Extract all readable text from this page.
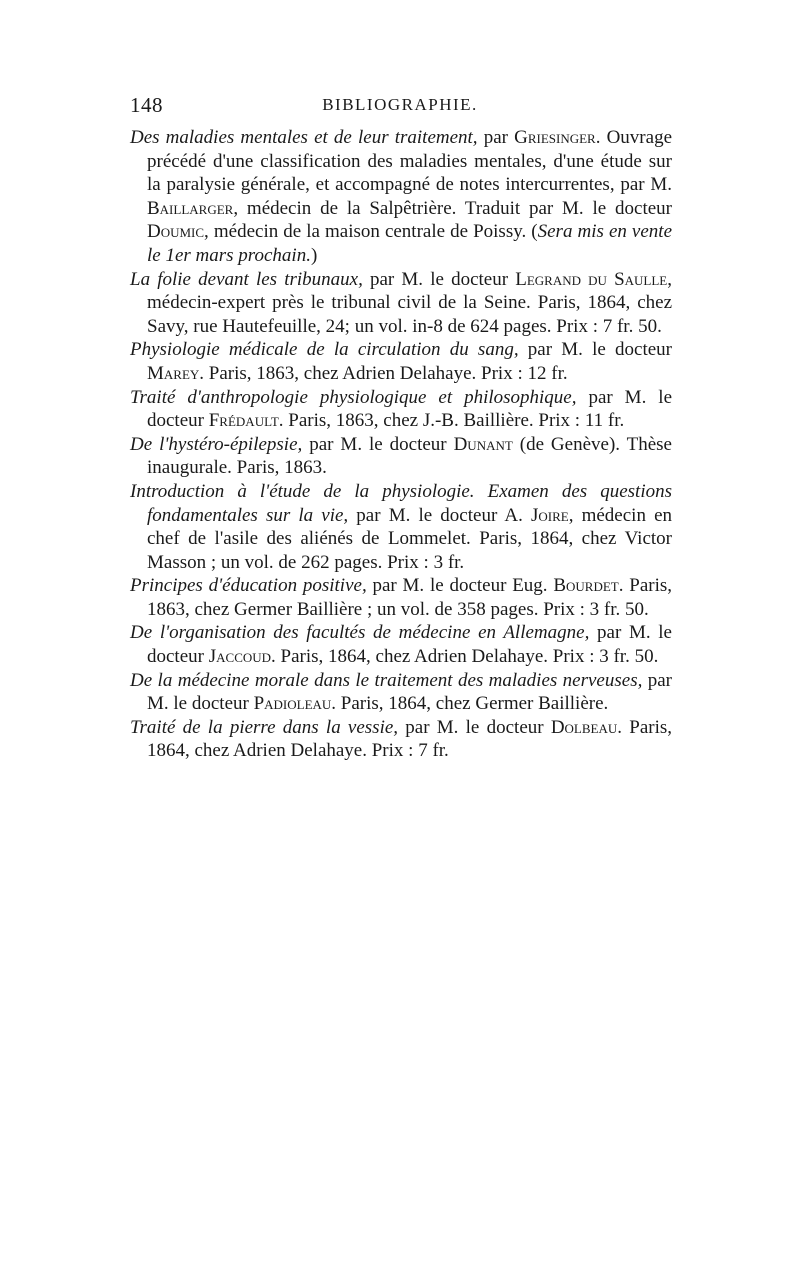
148	BIBLIOGRAPHIE.

Des maladies mentales et de leur traitement, par Griesinger. Ouvrage précédé d'une classification des maladies mentales, d'une étude sur la paralysie générale, et accompagné de notes intercurrentes, par M. Baillarger, médecin de la Salpêtrière. Traduit par M. le docteur Doumic, médecin de la maison centrale de Poissy. (Sera mis en vente le 1er mars prochain.)

La folie devant les tribunaux, par M. le docteur Legrand du Saulle, médecin-expert près le tribunal civil de la Seine. Paris, 1864, chez Savy, rue Hautefeuille, 24; un vol. in-8 de 624 pages. Prix : 7 fr. 50.

Physiologie médicale de la circulation du sang, par M. le docteur Marey. Paris, 1863, chez Adrien Delahaye. Prix : 12 fr.

Traité d'anthropologie physiologique et philosophique, par M. le docteur Frédault. Paris, 1863, chez J.-B. Baillière. Prix : 11 fr.

De l'hystéro-épilepsie, par M. le docteur Dunant (de Genève). Thèse inaugurale. Paris, 1863.

Introduction à l'étude de la physiologie. Examen des questions fondamentales sur la vie, par M. le docteur A. Joire, médecin en chef de l'asile des aliénés de Lommelet. Paris, 1864, chez Victor Masson ; un vol. de 262 pages. Prix : 3 fr.

Principes d'éducation positive, par M. le docteur Eug. Bourdet. Paris, 1863, chez Germer Baillière ; un vol. de 358 pages. Prix : 3 fr. 50.

De l'organisation des facultés de médecine en Allemagne, par M. le docteur Jaccoud. Paris, 1864, chez Adrien Delahaye. Prix : 3 fr. 50.

De la médecine morale dans le traitement des maladies nerveuses, par M. le docteur Padioleau. Paris, 1864, chez Germer Baillière.

Traité de la pierre dans la vessie, par M. le docteur Dolbeau. Paris, 1864, chez Adrien Delahaye. Prix : 7 fr.
